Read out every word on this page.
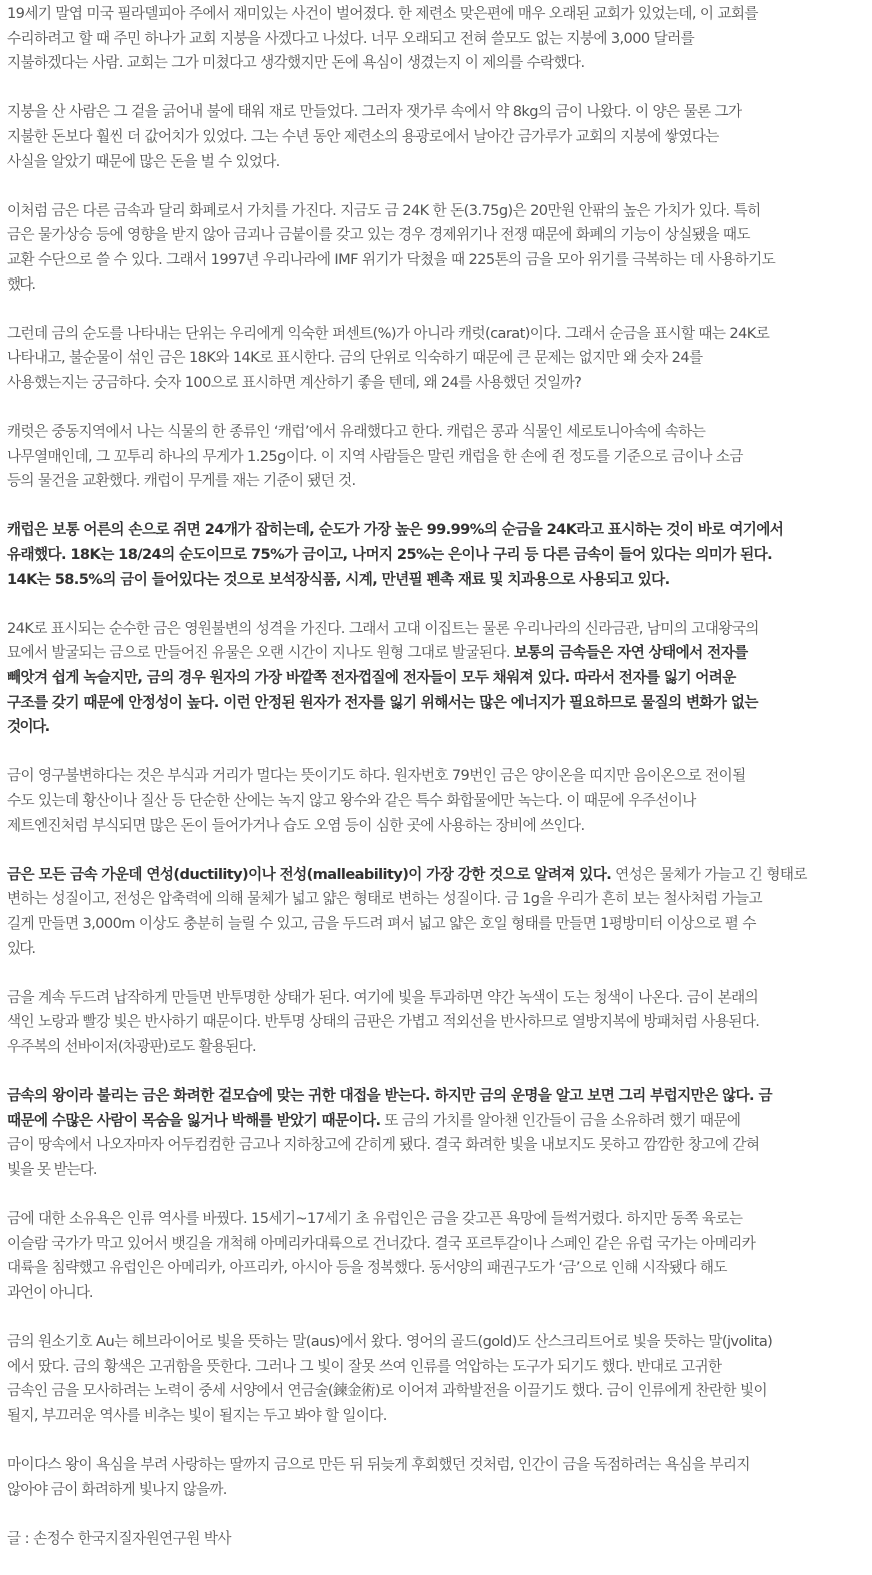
19세기 말엽 미국 필라델피아 주에서 재미있는 사건이 벌어졌다. 한 제련소 맞은편에 매우 오래된 교회가 있었는데, 이 교회를
수리하려고 할 때 주민 하나가 교회 지붕을 사겠다고 나섰다. 너무 오래되고 전혀 쓸모도 없는 지붕에 3,000 달러를
지불하겠다는 사람. 교회는 그가 미쳤다고 생각했지만 돈에 욕심이 생겼는지 이 제의를 수락했다.

지붕을 산 사람은 그 겉을 긁어내 불에 태워 재로 만들었다. 그러자 잿가루 속에서 약 8kg의 금이 나왔다. 이 양은 물론 그가
지불한 돈보다 훨씬 더 값어치가 있었다. 그는 수년 동안 제련소의 용광로에서 날아간 금가루가 교회의 지붕에 쌓였다는
사실을 알았기 때문에 많은 돈을 벌 수 있었다.

이처럼 금은 다른 금속과 달리 화폐로서 가치를 가진다. 지금도 금 24K 한 돈(3.75g)은 20만원 안팎의 높은 가치가 있다. 특히
금은 물가상승 등에 영향을 받지 않아 금괴나 금붙이를 갖고 있는 경우 경제위기나 전쟁 때문에 화폐의 기능이 상실됐을 때도
교환 수단으로 쓸 수 있다. 그래서 1997년 우리나라에 IMF 위기가 닥쳤을 때 225톤의 금을 모아 위기를 극복하는 데 사용하기도
했다.

그런데 금의 순도를 나타내는 단위는 우리에게 익숙한 퍼센트(%)가 아니라 캐럿(carat)이다. 그래서 순금을 표시할 때는 24K로
나타내고, 불순물이 섞인 금은 18K와 14K로 표시한다. 금의 단위로 익숙하기 때문에 큰 문제는 없지만 왜 숫자 24를
사용했는지는 궁금하다. 숫자 100으로 표시하면 계산하기 좋을 텐데, 왜 24를 사용했던 것일까?

캐럿은 중동지역에서 나는 식물의 한 종류인 ‘캐럽’에서 유래했다고 한다. 캐럽은 콩과 식물인 세로토니아속에 속하는
나무열매인데, 그 꼬투리 하나의 무게가 1.25g이다. 이 지역 사람들은 말린 캐럽을 한 손에 쥔 정도를 기준으로 금이나 소금
등의 물건을 교환했다. 캐럽이 무게를 재는 기준이 됐던 것.

캐럽은 보통 어른의 손으로 쥐면 24개가 잡히는데, 순도가 가장 높은 99.99%의 순금을 24K라고 표시하는 것이 바로 여기에서
유래했다. 18K는 18/24의 순도이므로 75%가 금이고, 나머지 25%는 은이나 구리 등 다른 금속이 들어 있다는 의미가 된다.
14K는 58.5%의 금이 들어있다는 것으로 보석장식품, 시계, 만년필 펜촉 재료 및 치과용으로 사용되고 있다.

24K로 표시되는 순수한 금은 영원불변의 성격을 가진다. 그래서 고대 이집트는 물론 우리나라의 신라금관, 남미의 고대왕국의
묘에서 발굴되는 금으로 만들어진 유물은 오랜 시간이 지나도 원형 그대로 발굴된다. 보통의 금속들은 자연 상태에서 전자를
빼앗겨 쉽게 녹슬지만, 금의 경우 원자의 가장 바깥쪽 전자껍질에 전자들이 모두 채워져 있다. 따라서 전자를 잃기 어려운
구조를 갖기 때문에 안정성이 높다. 이런 안정된 원자가 전자를 잃기 위해서는 많은 에너지가 필요하므로 물질의 변화가 없는
것이다.

금이 영구불변하다는 것은 부식과 거리가 멀다는 뜻이기도 하다. 원자번호 79번인 금은 양이온을 띠지만 음이온으로 전이될
수도 있는데 황산이나 질산 등 단순한 산에는 녹지 않고 왕수와 같은 특수 화합물에만 녹는다. 이 때문에 우주선이나
제트엔진처럼 부식되면 많은 돈이 들어가거나 습도 오염 등이 심한 곳에 사용하는 장비에 쓰인다.

금은 모든 금속 가운데 연성(ductility)이나 전성(malleability)이 가장 강한 것으로 알려져 있다. 연성은 물체가 가늘고 긴 형태로
변하는 성질이고, 전성은 압축력에 의해 물체가 넓고 얇은 형태로 변하는 성질이다. 금 1g을 우리가 흔히 보는 철사처럼 가늘고
길게 만들면 3,000m 이상도 충분히 늘릴 수 있고, 금을 두드려 펴서 넓고 얇은 호일 형태를 만들면 1평방미터 이상으로 펼 수
있다.

금을 계속 두드려 납작하게 만들면 반투명한 상태가 된다. 여기에 빛을 투과하면 약간 녹색이 도는 청색이 나온다. 금이 본래의
색인 노랑과 빨강 빛은 반사하기 때문이다. 반투명 상태의 금판은 가볍고 적외선을 반사하므로 열방지복에 방패처럼 사용된다.
우주복의 선바이저(차광판)로도 활용된다.

금속의 왕이라 불리는 금은 화려한 겉모습에 맞는 귀한 대접을 받는다. 하지만 금의 운명을 알고 보면 그리 부럽지만은 않다. 금
때문에 수많은 사람이 목숨을 잃거나 박해를 받았기 때문이다. 또 금의 가치를 알아챈 인간들이 금을 소유하려 했기 때문에
금이 땅속에서 나오자마자 어두컴컴한 금고나 지하창고에 갇히게 됐다. 결국 화려한 빛을 내보지도 못하고 깜깜한 창고에 갇혀
빛을 못 받는다.

금에 대한 소유욕은 인류 역사를 바꿨다. 15세기~17세기 초 유럽인은 금을 갖고픈 욕망에 들썩거렸다. 하지만 동쪽 육로는
이슬람 국가가 막고 있어서 뱃길을 개척해 아메리카대륙으로 건너갔다. 결국 포르투갈이나 스페인 같은 유럽 국가는 아메리카
대륙을 침략했고 유럽인은 아메리카, 아프리카, 아시아 등을 정복했다. 동서양의 패권구도가 ‘금’으로 인해 시작됐다 해도
과언이 아니다.

금의 원소기호 Au는 헤브라이어로 빛을 뜻하는 말(aus)에서 왔다. 영어의 골드(gold)도 산스크리트어로 빛을 뜻하는 말(jvolita)
에서 땄다. 금의 황색은 고귀함을 뜻한다. 그러나 그 빛이 잘못 쓰여 인류를 억압하는 도구가 되기도 했다. 반대로 고귀한
금속인 금을 모사하려는 노력이 중세 서양에서 연금술(鍊金術)로 이어져 과학발전을 이끌기도 했다. 금이 인류에게 찬란한 빛이
될지, 부끄러운 역사를 비추는 빛이 될지는 두고 봐야 할 일이다.

마이다스 왕이 욕심을 부려 사랑하는 딸까지 금으로 만든 뒤 뒤늦게 후회했던 것처럼, 인간이 금을 독점하려는 욕심을 부리지
않아야 금이 화려하게 빛나지 않을까.

글 : 손정수 한국지질자원연구원 박사
